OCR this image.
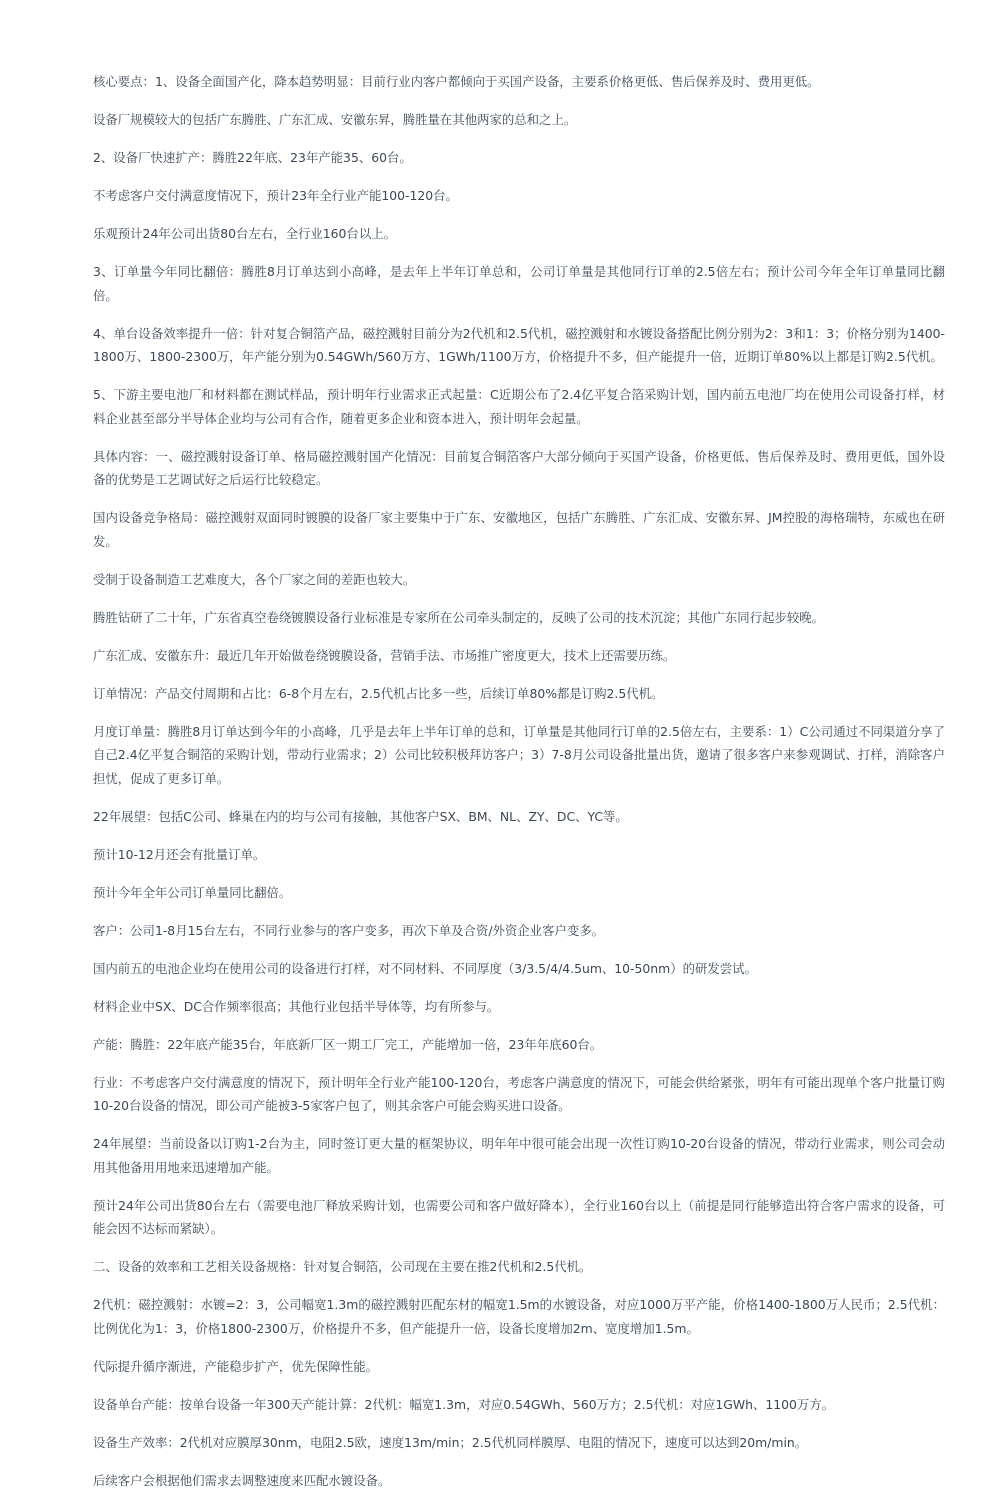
核心要点：1、设备全面国产化，降本趋势明显：目前行业内客户都倾向于买国产设备，主要系价格更低、售后保养及时、费用更低。

设备厂规模较大的包括广东腾胜、广东汇成、安徽东昇，腾胜量在其他两家的总和之上。

2、设备厂快速扩产：腾胜22年底、23年产能35、60台。

不考虑客户交付满意度情况下，预计23年全行业产能100-120台。

乐观预计24年公司出货80台左右，全行业160台以上。

3、订单量今年同比翻倍：腾胜8月订单达到小高峰，是去年上半年订单总和，公司订单量是其他同行订单的2.5倍左右；预计公司今年全年订单量同比翻倍。

4、单台设备效率提升一倍：针对复合铜箔产品，磁控溅射目前分为2代机和2.5代机，磁控溅射和水镀设备搭配比例分别为2：3和1：3；价格分别为1400-1800万、1800-2300万，年产能分别为0.54GWh/560万方、1GWh/1100万方，价格提升不多，但产能提升一倍，近期订单80%以上都是订购2.5代机。

5、下游主要电池厂和材料都在测试样品，预计明年行业需求正式起量：C近期公布了2.4亿平复合箔采购计划，国内前五电池厂均在使用公司设备打样，材料企业甚至部分半导体企业均与公司有合作，随着更多企业和资本进入，预计明年会起量。

具体内容：一、磁控溅射设备订单、格局磁控溅射国产化情况：目前复合铜箔客户大部分倾向于买国产设备，价格更低、售后保养及时、费用更低，国外设备的优势是工艺调试好之后运行比较稳定。

国内设备竞争格局：磁控溅射双面同时镀膜的设备厂家主要集中于广东、安徽地区，包括广东腾胜、广东汇成、安徽东昇、JM控股的海格瑞特，东威也在研发。

受制于设备制造工艺难度大，各个厂家之间的差距也较大。

腾胜钻研了二十年，广东省真空卷绕镀膜设备行业标准是专家所在公司牵头制定的，反映了公司的技术沉淀；其他广东同行起步较晚。

广东汇成、安徽东升：最近几年开始做卷绕镀膜设备，营销手法、市场推广密度更大，技术上还需要历练。

订单情况：产品交付周期和占比：6-8个月左右，2.5代机占比多一些，后续订单80%都是订购2.5代机。

月度订单量：腾胜8月订单达到今年的小高峰，几乎是去年上半年订单的总和，订单量是其他同行订单的2.5倍左右，主要系：1）C公司通过不同渠道分享了自己2.4亿平复合铜箔的采购计划，带动行业需求；2）公司比较积极拜访客户；3）7-8月公司设备批量出货，邀请了很多客户来参观调试、打样，消除客户担忧，促成了更多订单。

22年展望：包括C公司、蜂巢在内的均与公司有接触，其他客户SX、BM、NL、ZY、DC、YC等。

预计10-12月还会有批量订单。

预计今年全年公司订单量同比翻倍。

客户：公司1-8月15台左右，不同行业参与的客户变多，再次下单及合资/外资企业客户变多。

国内前五的电池企业均在使用公司的设备进行打样，对不同材料、不同厚度（3/3.5/4/4.5um、10-50nm）的研发尝试。

材料企业中SX、DC合作频率很高；其他行业包括半导体等，均有所参与。

产能：腾胜：22年底产能35台，年底新厂区一期工厂完工，产能增加一倍，23年年底60台。

行业：不考虑客户交付满意度的情况下，预计明年全行业产能100-120台，考虑客户满意度的情况下，可能会供给紧张，明年有可能出现单个客户批量订购10-20台设备的情况，即公司产能被3-5家客户包了，则其余客户可能会购买进口设备。

24年展望：当前设备以订购1-2台为主，同时签订更大量的框架协议，明年年中很可能会出现一次性订购10-20台设备的情况，带动行业需求，则公司会动用其他备用用地来迅速增加产能。

预计24年公司出货80台左右（需要电池厂释放采购计划，也需要公司和客户做好降本），全行业160台以上（前提是同行能够造出符合客户需求的设备，可能会因不达标而紧缺）。

二、设备的效率和工艺相关设备规格：针对复合铜箔，公司现在主要在推2代机和2.5代机。

2代机：磁控溅射：水镀=2：3，公司幅宽1.3m的磁控溅射匹配东材的幅宽1.5m的水镀设备，对应1000万平产能，价格1400-1800万人民币；2.5代机：比例优化为1：3，价格1800-2300万，价格提升不多，但产能提升一倍，设备长度增加2m、宽度增加1.5m。

代际提升循序渐进，产能稳步扩产，优先保障性能。

设备单台产能：按单台设备一年300天产能计算：2代机：幅宽1.3m，对应0.54GWh、560万方；2.5代机：对应1GWh、1100万方。

设备生产效率：2代机对应膜厚30nm，电阻2.5欧，速度13m/min；2.5代机同样膜厚、电阻的情况下，速度可以达到20m/min。

后续客户会根据他们需求去调整速度来匹配水镀设备。
